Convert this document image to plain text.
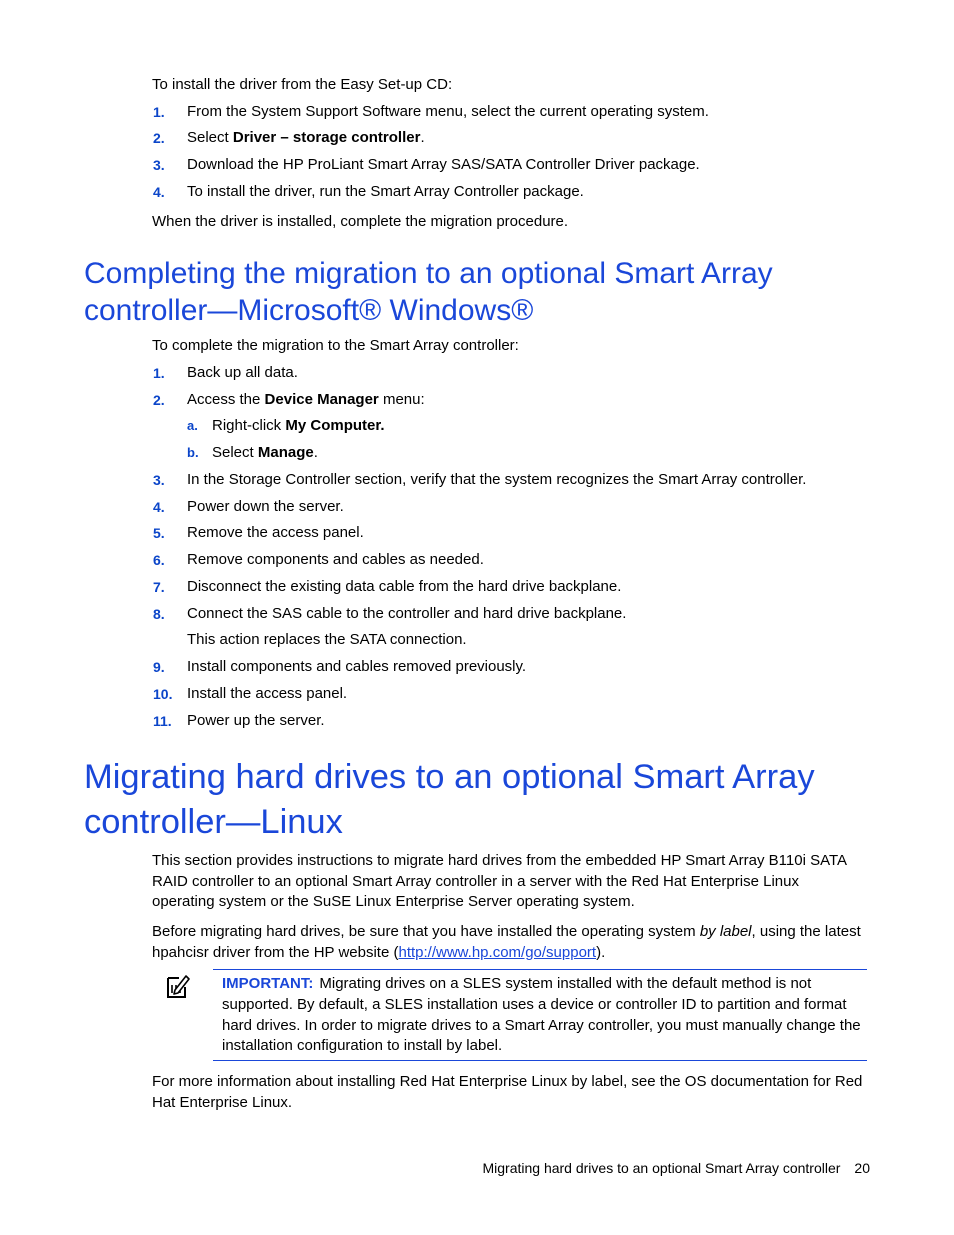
To install the driver from the Easy Set-up CD:

1. From the System Support Software menu, select the current operating system.
2. Select Driver – storage controller.
3. Download the HP ProLiant Smart Array SAS/SATA Controller Driver package.
4. To install the driver, run the Smart Array Controller package.

When the driver is installed, complete the migration procedure.

Completing the migration to an optional Smart Array
controller—Microsoft® Windows®

To complete the migration to the Smart Array controller:

1. Back up all data.
2. Access the Device Manager menu:
a. Right-click My Computer.
b. Select Manage.
3. In the Storage Controller section, verify that the system recognizes the Smart Array controller.
4. Power down the server.
5. Remove the access panel.
6. Remove components and cables as needed.
7. Disconnect the existing data cable from the hard drive backplane.
8. Connect the SAS cable to the controller and hard drive backplane.
This action replaces the SATA connection.
9. Install components and cables removed previously.
10. Install the access panel.
11. Power up the server.
Migrating hard drives to an optional Smart Array
controller—Linux

This section provides instructions to migrate hard drives from the embedded HP Smart Array B110i SATA RAID controller to an optional Smart Array controller in a server with the Red Hat Enterprise Linux operating system or the SuSE Linux Enterprise Server operating system.

Before migrating hard drives, be sure that you have installed the operating system by label, using the latest hpahcisr driver from the HP website (http://www.hp.com/go/support).

IMPORTANT: Migrating drives on a SLES system installed with the default method is not supported. By default, a SLES installation uses a device or controller ID to partition and format hard drives. In order to migrate drives to a Smart Array controller, you must manually change the installation configuration to install by label.

For more information about installing Red Hat Enterprise Linux by label, see the OS documentation for Red Hat Enterprise Linux.

Migrating hard drives to an optional Smart Array controller 20
